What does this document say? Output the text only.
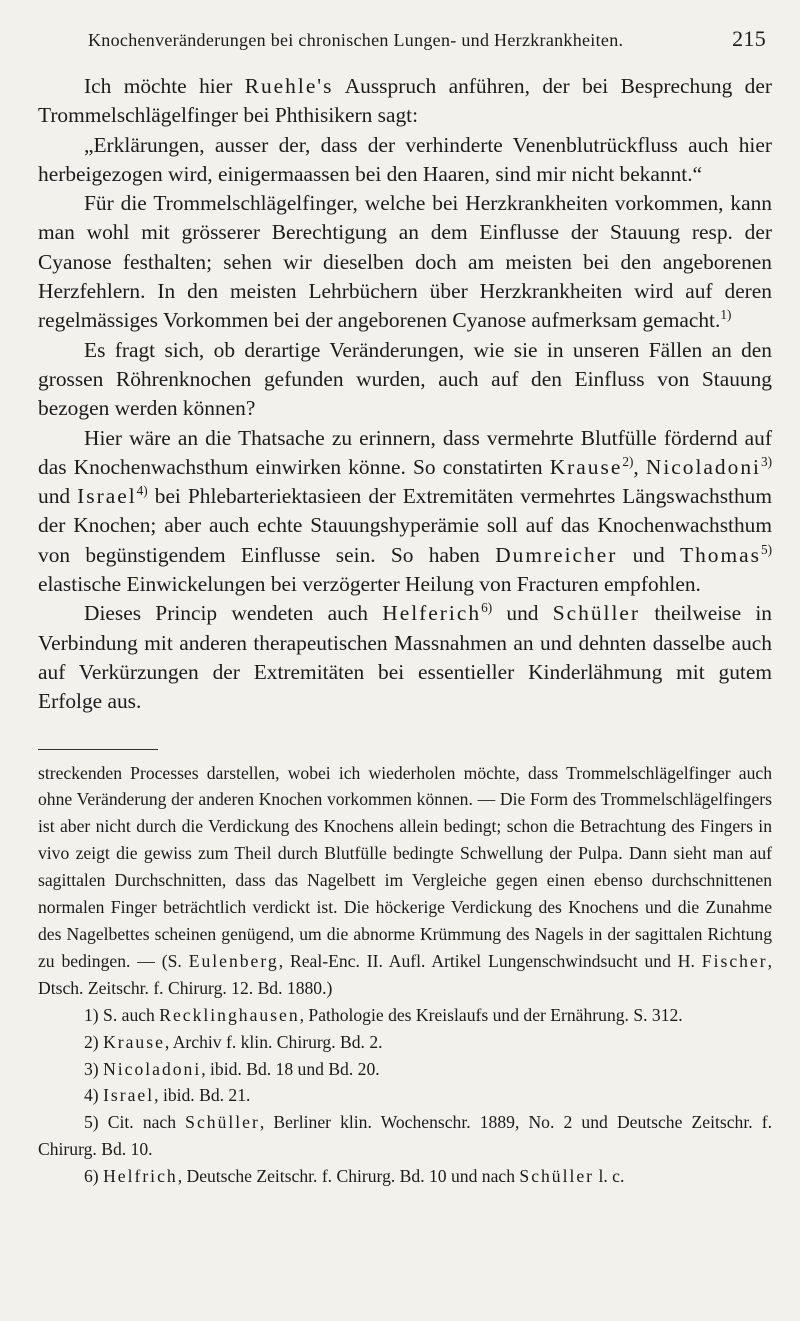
Knochenveränderungen bei chronischen Lungen- und Herzkrankheiten.	215

Ich möchte hier Ruehle's Ausspruch anführen, der bei Besprechung der Trommelschlägelfinger bei Phthisikern sagt:

„Erklärungen, ausser der, dass der verhinderte Venenblutrückfluss auch hier herbeigezogen wird, einigermaassen bei den Haaren, sind mir nicht bekannt.“

Für die Trommelschlägelfinger, welche bei Herzkrankheiten vorkommen, kann man wohl mit grösserer Berechtigung an dem Einflusse der Stauung resp. der Cyanose festhalten; sehen wir dieselben doch am meisten bei den angeborenen Herzfehlern. In den meisten Lehrbüchern über Herzkrankheiten wird auf deren regelmässiges Vorkommen bei der angeborenen Cyanose aufmerksam gemacht.$^{1)}$

Es fragt sich, ob derartige Veränderungen, wie sie in unseren Fällen an den grossen Röhrenknochen gefunden wurden, auch auf den Einfluss von Stauung bezogen werden können?

Hier wäre an die Thatsache zu erinnern, dass vermehrte Blutfülle fördernd auf das Knochenwachsthum einwirken könne. So constatirten Krause$^{2)}$, Nicoladoni$^{3)}$ und Israel$^{4)}$ bei Phlebarteriektasieen der Extremitäten vermehrtes Längswachsthum der Knochen; aber auch echte Stauungshyperämie soll auf das Knochenwachsthum von begünstigendem Einflusse sein. So haben Dumreicher und Thomas$^{5)}$ elastische Einwickelungen bei verzögerter Heilung von Fracturen empfohlen.

Dieses Princip wendeten auch Helferich$^{6)}$ und Schüller theilweise in Verbindung mit anderen therapeutischen Massnahmen an und dehnten dasselbe auch auf Verkürzungen der Extremitäten bei essentieller Kinderlähmung mit gutem Erfolge aus.

streckenden Processes darstellen, wobei ich wiederholen möchte, dass Trommelschlägelfinger auch ohne Veränderung der anderen Knochen vorkommen können. — Die Form des Trommelschlägelfingers ist aber nicht durch die Verdickung des Knochens allein bedingt; schon die Betrachtung des Fingers in vivo zeigt die gewiss zum Theil durch Blutfülle bedingte Schwellung der Pulpa. Dann sieht man auf sagittalen Durchschnitten, dass das Nagelbett im Vergleiche gegen einen ebenso durchschnittenen normalen Finger beträchtlich verdickt ist. Die höckerige Verdickung des Knochens und die Zunahme des Nagelbettes scheinen genügend, um die abnorme Krümmung des Nagels in der sagittalen Richtung zu bedingen. — (S. Eulenberg, Real-Enc. II. Aufl. Artikel Lungenschwindsucht und H. Fischer, Dtsch. Zeitschr. f. Chirurg. 12. Bd. 1880.)

1) S. auch Recklinghausen, Pathologie des Kreislaufs und der Ernährung. S. 312.

2) Krause, Archiv f. klin. Chirurg. Bd. 2.

3) Nicoladoni, ibid. Bd. 18 und Bd. 20.

4) Israel, ibid. Bd. 21.

5) Cit. nach Schüller, Berliner klin. Wochenschr. 1889, No. 2 und Deutsche Zeitschr. f. Chirurg. Bd. 10.

6) Helfrich, Deutsche Zeitschr. f. Chirurg. Bd. 10 und nach Schüller l. c.
